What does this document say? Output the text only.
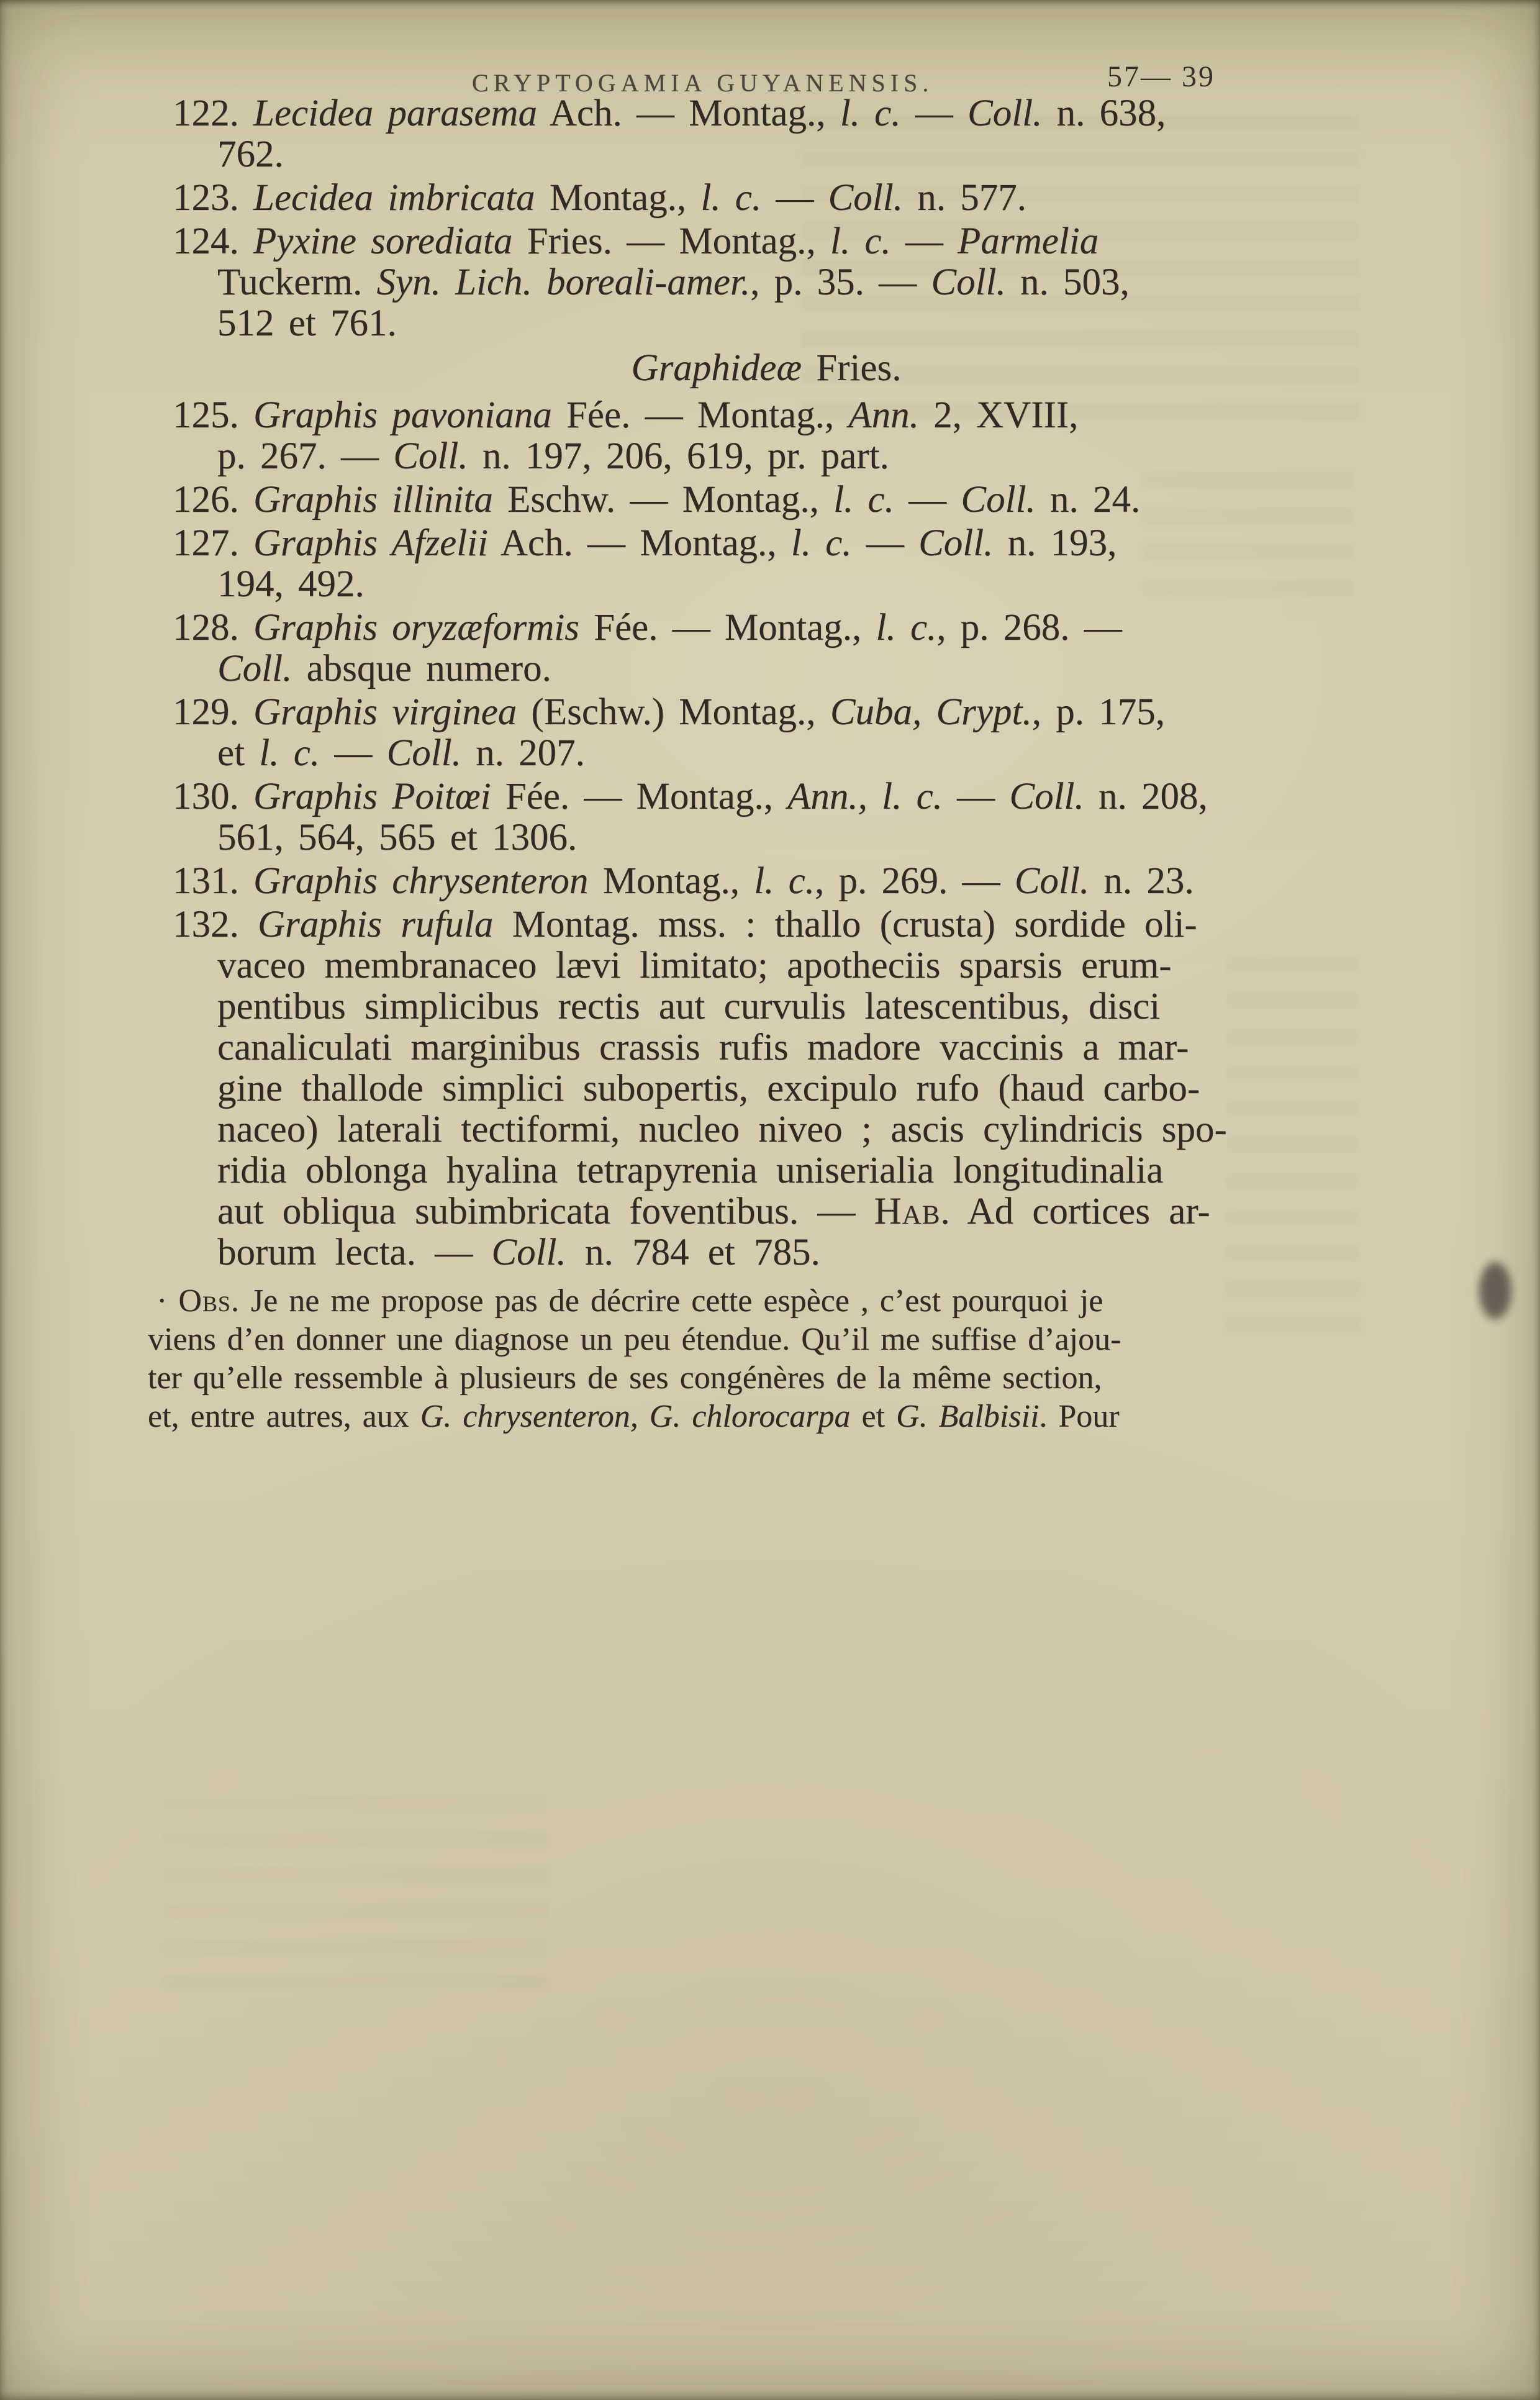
CRYPTOGAMIA GUYANENSIS.	57— 39
122. Lecidea parasema Ach. — Montag., l. c. — Coll. n. 638,
762.
123. Lecidea imbricata Montag., l. c. — Coll. n. 577.
124. Pyxine sorediata Fries. — Montag., l. c. — Parmelia
Tuckerm. Syn. Lich. boreali-amer., p. 35. — Coll. n. 503,
512 et 761.
Graphideæ Fries.
125. Graphis pavoniana Fée. — Montag., Ann. 2, XVIII,
p. 267. — Coll. n. 197, 206, 619, pr. part.
126. Graphis illinita Eschw. — Montag., l. c. — Coll. n. 24.
127. Graphis Afzelii Ach. — Montag., l. c. — Coll. n. 193,
194, 492.
128. Graphis oryzæformis Fée. — Montag., l. c., p. 268. —
Coll. absque numero.
129. Graphis virginea (Eschw.) Montag., Cuba, Crypt., p. 175,
et l. c. — Coll. n. 207.
130. Graphis Poitœi Fée. — Montag., Ann., l. c. — Coll. n. 208,
561, 564, 565 et 1306.
131. Graphis chrysenteron Montag., l. c., p. 269. — Coll. n. 23.
132. Graphis rufula Montag. mss. : thallo (crusta) sordide oli-
vaceo membranaceo lævi limitato; apotheciis sparsis erum-
pentibus simplicibus rectis aut curvulis latescentibus, disci
canaliculati marginibus crassis rufis madore vaccinis a mar-
gine thallode simplici subopertis, excipulo rufo (haud carbo-
naceo) laterali tectiformi, nucleo niveo ; ascis cylindricis spo-
ridia oblonga hyalina tetrapyrenia uniserialia longitudinalia
aut obliqua subimbricata foventibus. — Hab. Ad cortices ar-
borum lecta. — Coll. n. 784 et 785.
· Obs. Je ne me propose pas de décrire cette espèce , c’est pourquoi je
viens d’en donner une diagnose un peu étendue. Qu’il me suffise d’ajou-
ter qu’elle ressemble à plusieurs de ses congénères de la même section,
et, entre autres, aux G. chrysenteron, G. chlorocarpa et G. Balbisii. Pour
